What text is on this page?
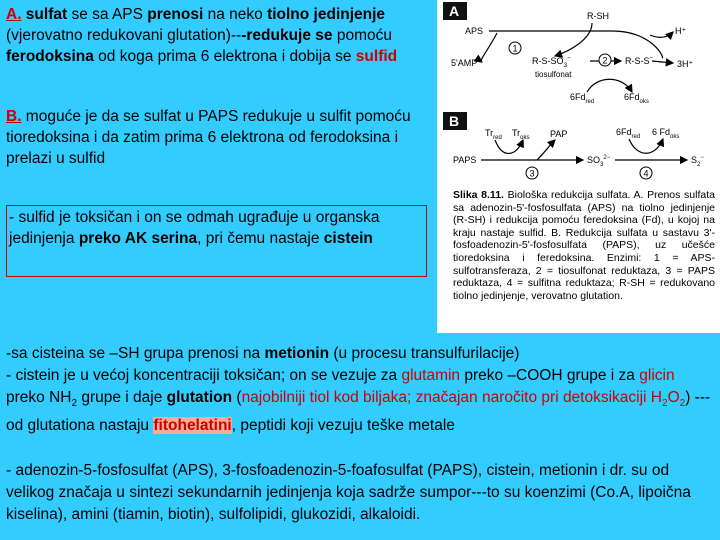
A. sulfat se sa APS prenosi na neko tiolno jedinjenje (vjerovatno redukovani glutation)---redukuje se pomoću ferodoksina od koga prima 6 elektrona i dobija se sulfid
B. moguće je da se sulfat u PAPS redukuje u sulfit pomoću tioredoksina i da zatim prima 6 elektrona od ferodoksina i prelazi u sulfid
- sulfid je toksičan i on se odmah ugrađuje u organska jedinjenja preko AK serina, pri čemu nastaje cistein
-sa cisteina se –SH grupa prenosi na metionin (u procesu transulfurilacije)
- cistein je u većoj koncentraciji toksičan; on se vezuje za glutamin preko –COOH grupe i za glicin preko $NH_2$ grupe i daje glutation (najobilniji tiol kod biljaka; značajan naročito pri detoksikaciji $H_2O_2$) ---od glutationa nastaju fitohelatini, peptidi koji vezuju teške metale
- adenozin-5-fosfosulfat (APS), 3-fosfoadenozin-5-foafosulfat (PAPS), cistein, metionin i dr. su od velikog značaja u sintezi sekundarnih jedinjenja koja sadrže sumpor---to su koenzimi (Co.A, lipoična kiselina), amini (tiamin, biotin), sulfolipidi, glukozidi, alkaloidi.
A
APS
R-SH
H⁺
5'AMP	$R-S-SO_3^-$
tiosulfonat
R-S-S−
3H⁺
$6Fd_{red}$	$6Fd_{oks}$
1
2
B
$Tr_{red}$ $Tr_{oks}$ PAP	$6Fd_{red}$ 6 $Fd_{oks}$
PAPS	$SO_3^{2-}$	$S_2^-$
3	4
Slika 8.11. Biološka redukcija sulfata. A. Prenos sulfata sa adenozin-5'-fosfosulfata (APS) na tiolno jedinjenje (R-SH) i redukcija pomoću feredoksina (Fd), u kojoj na kraju nastaje sulfid. B. Redukcija sulfata u sastavu 3'-fosfoadenozin-5'-fosfosulfata (PAPS), uz učešće tioredoksina i feredoksina. Enzimi: 1 = APS-sulfotransferaza, 2 = tiosulfonat reduktaza, 3 = PAPS reduktaza, 4 = sulfitna reduktaza; R-SH = redukovano tiolno jedinjenje, verovatno glutation.
